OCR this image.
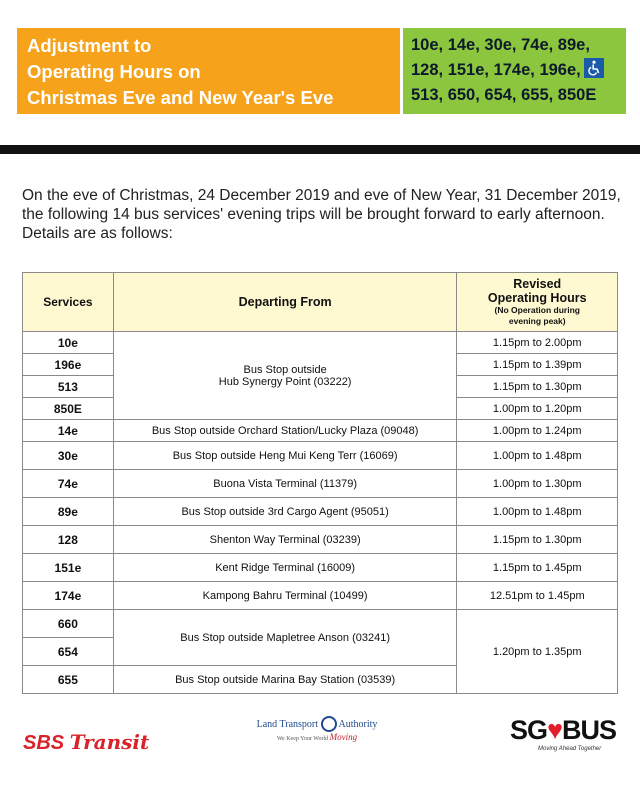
Adjustment to
Operating Hours on
Christmas Eve and New Year's Eve
10e, 14e, 30e, 74e, 89e,
128, 151e, 174e, 196e,
513, 650, 654, 655, 850E
On the eve of Christmas, 24 December 2019 and eve of New Year, 31 December 2019, the following 14 bus services' evening trips will be brought forward to early afternoon. Details are as follows:
Services	Departing From	Revised
Operating Hours
(No Operation during
evening peak)

10e	Bus Stop outside
Hub Synergy Point (03222)	1.15pm to 2.00pm
196e		1.15pm to 1.39pm
513		1.15pm to 1.30pm
850E		1.00pm to 1.20pm
14e	Bus Stop outside Orchard Station/Lucky Plaza (09048)	1.00pm to 1.24pm
30e	Bus Stop outside Heng Mui Keng Terr (16069)	1.00pm to 1.48pm
74e	Buona Vista Terminal (11379)	1.00pm to 1.30pm
89e	Bus Stop outside 3rd Cargo Agent (95051)	1.00pm to 1.48pm
128	Shenton Way Terminal (03239)	1.15pm to 1.30pm
151e	Kent Ridge Terminal (16009)	1.15pm to 1.45pm
174e	Kampong Bahru Terminal (10499)	12.51pm to 1.45pm
660	Bus Stop outside Mapletree Anson (03241)	1.20pm to 1.35pm
654		
655	Bus Stop outside Marina Bay Station (03539)	
SBS Transit
Land Transport Authority
We Keep Your World Moving	SG♥BUS
Moving Ahead Together
